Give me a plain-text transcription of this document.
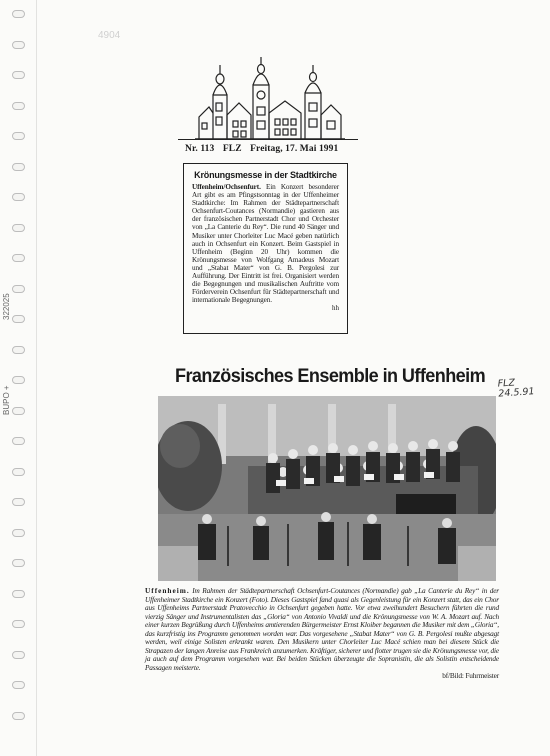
322025
BUPO +
4904
Nr. 113 FLZ Freitag, 17. Mai 1991
Krönungsmesse in der Stadtkirche
Uffenheim/Ochsenfurt. Ein Konzert besonderer Art gibt es am Pfingstsonntag in der Uffenheimer Stadtkirche: Im Rahmen der Städtepartnerschaft Ochsenfurt-Coutances (Normandie) gastieren aus der französischen Partnerstadt Chor und Orchester von „La Canterie du Rey“. Die rund 40 Sänger und Musiker unter Chorleiter Luc Macé geben natürlich auch in Ochsenfurt ein Konzert. Beim Gastspiel in Uffenheim (Beginn 20 Uhr) kommen die Krönungsmesse von Wolfgang Amadeus Mozart und „Stabat Mater“ von G. B. Pergolesi zur Aufführung. Der Eintritt ist frei. Organisiert werden die Begegnungen und musikalischen Auftritte vom Förderverein Ochsenfurt für Städtepartnerschaft und internationale Begegnungen.
hh
Französisches Ensemble in Uffenheim FLZ
24.5.91
Uffenheim. Im Rahmen der Städtepartnerschaft Ochsenfurt-Coutances (Normandie) gab „La Canterie du Rey“ in der Uffenheimer Stadtkirche ein Konzert (Foto). Dieses Gastspiel fand quasi als Gegenleistung für ein Konzert statt, das ein Chor aus Uffenheims Partnerstadt Pratovecchio in Ochsenfurt gegeben hatte. Vor etwa zweihundert Besuchern führten die rund vierzig Sänger und Instrumentalisten das „Gloria“ von Antonio Vivaldi und die Krönungsmesse von W. A. Mozart auf. Nach einer kurzen Begrüßung durch Uffenheims amtierenden Bürgermeister Ernst Kloiber begannen die Musiker mit dem „Gloria“, das kurzfristig ins Programm genommen worden war. Das vorgesehene „Stabat Mater“ von G. B. Pergolesi mußte abgesagt werden, weil einige Solisten erkrankt waren. Den Musikern unter Chorleiter Luc Macé schien man bei diesem Stück die Strapazen der langen Anreise aus Frankreich anzumerken. Kräftiger, sicherer und flotter trugen sie die Krönungsmesse vor, die ja auch auf dem Programm vorgesehen war. Bei beiden Stücken überzeugte die Sopranistin, die als Solistin entscheidende Passagen meisterte.
bf/Bild: Fuhrmeister
